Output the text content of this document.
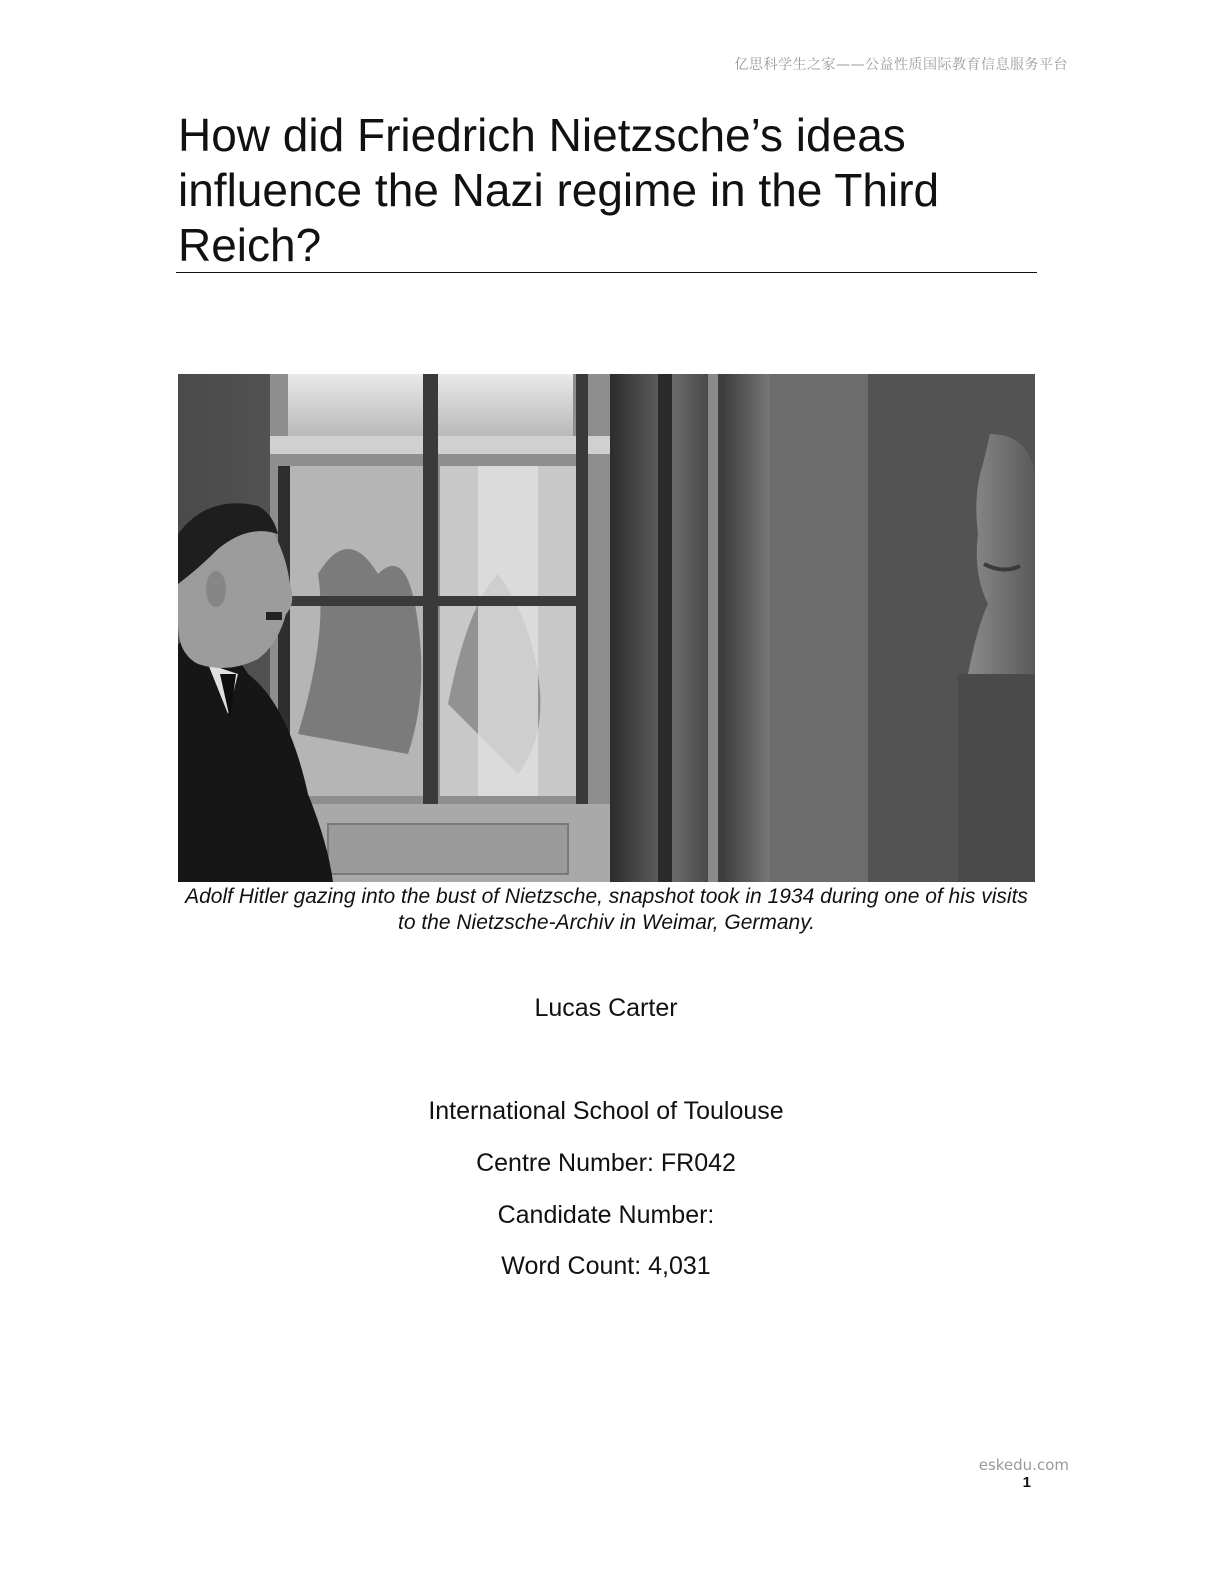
亿思科学生之家——公益性质国际教育信息服务平台
How did Friedrich Nietzsche’s ideas influence the Nazi regime in the Third Reich?

Adolf Hitler gazing into the bust of Nietzsche, snapshot took in 1934 during one of his visits to the Nietzsche-Archiv in Weimar, Germany.

Lucas Carter
International School of Toulouse
Centre Number: FR042
Candidate Number:
Word Count: 4,031
eskedu.com
1
